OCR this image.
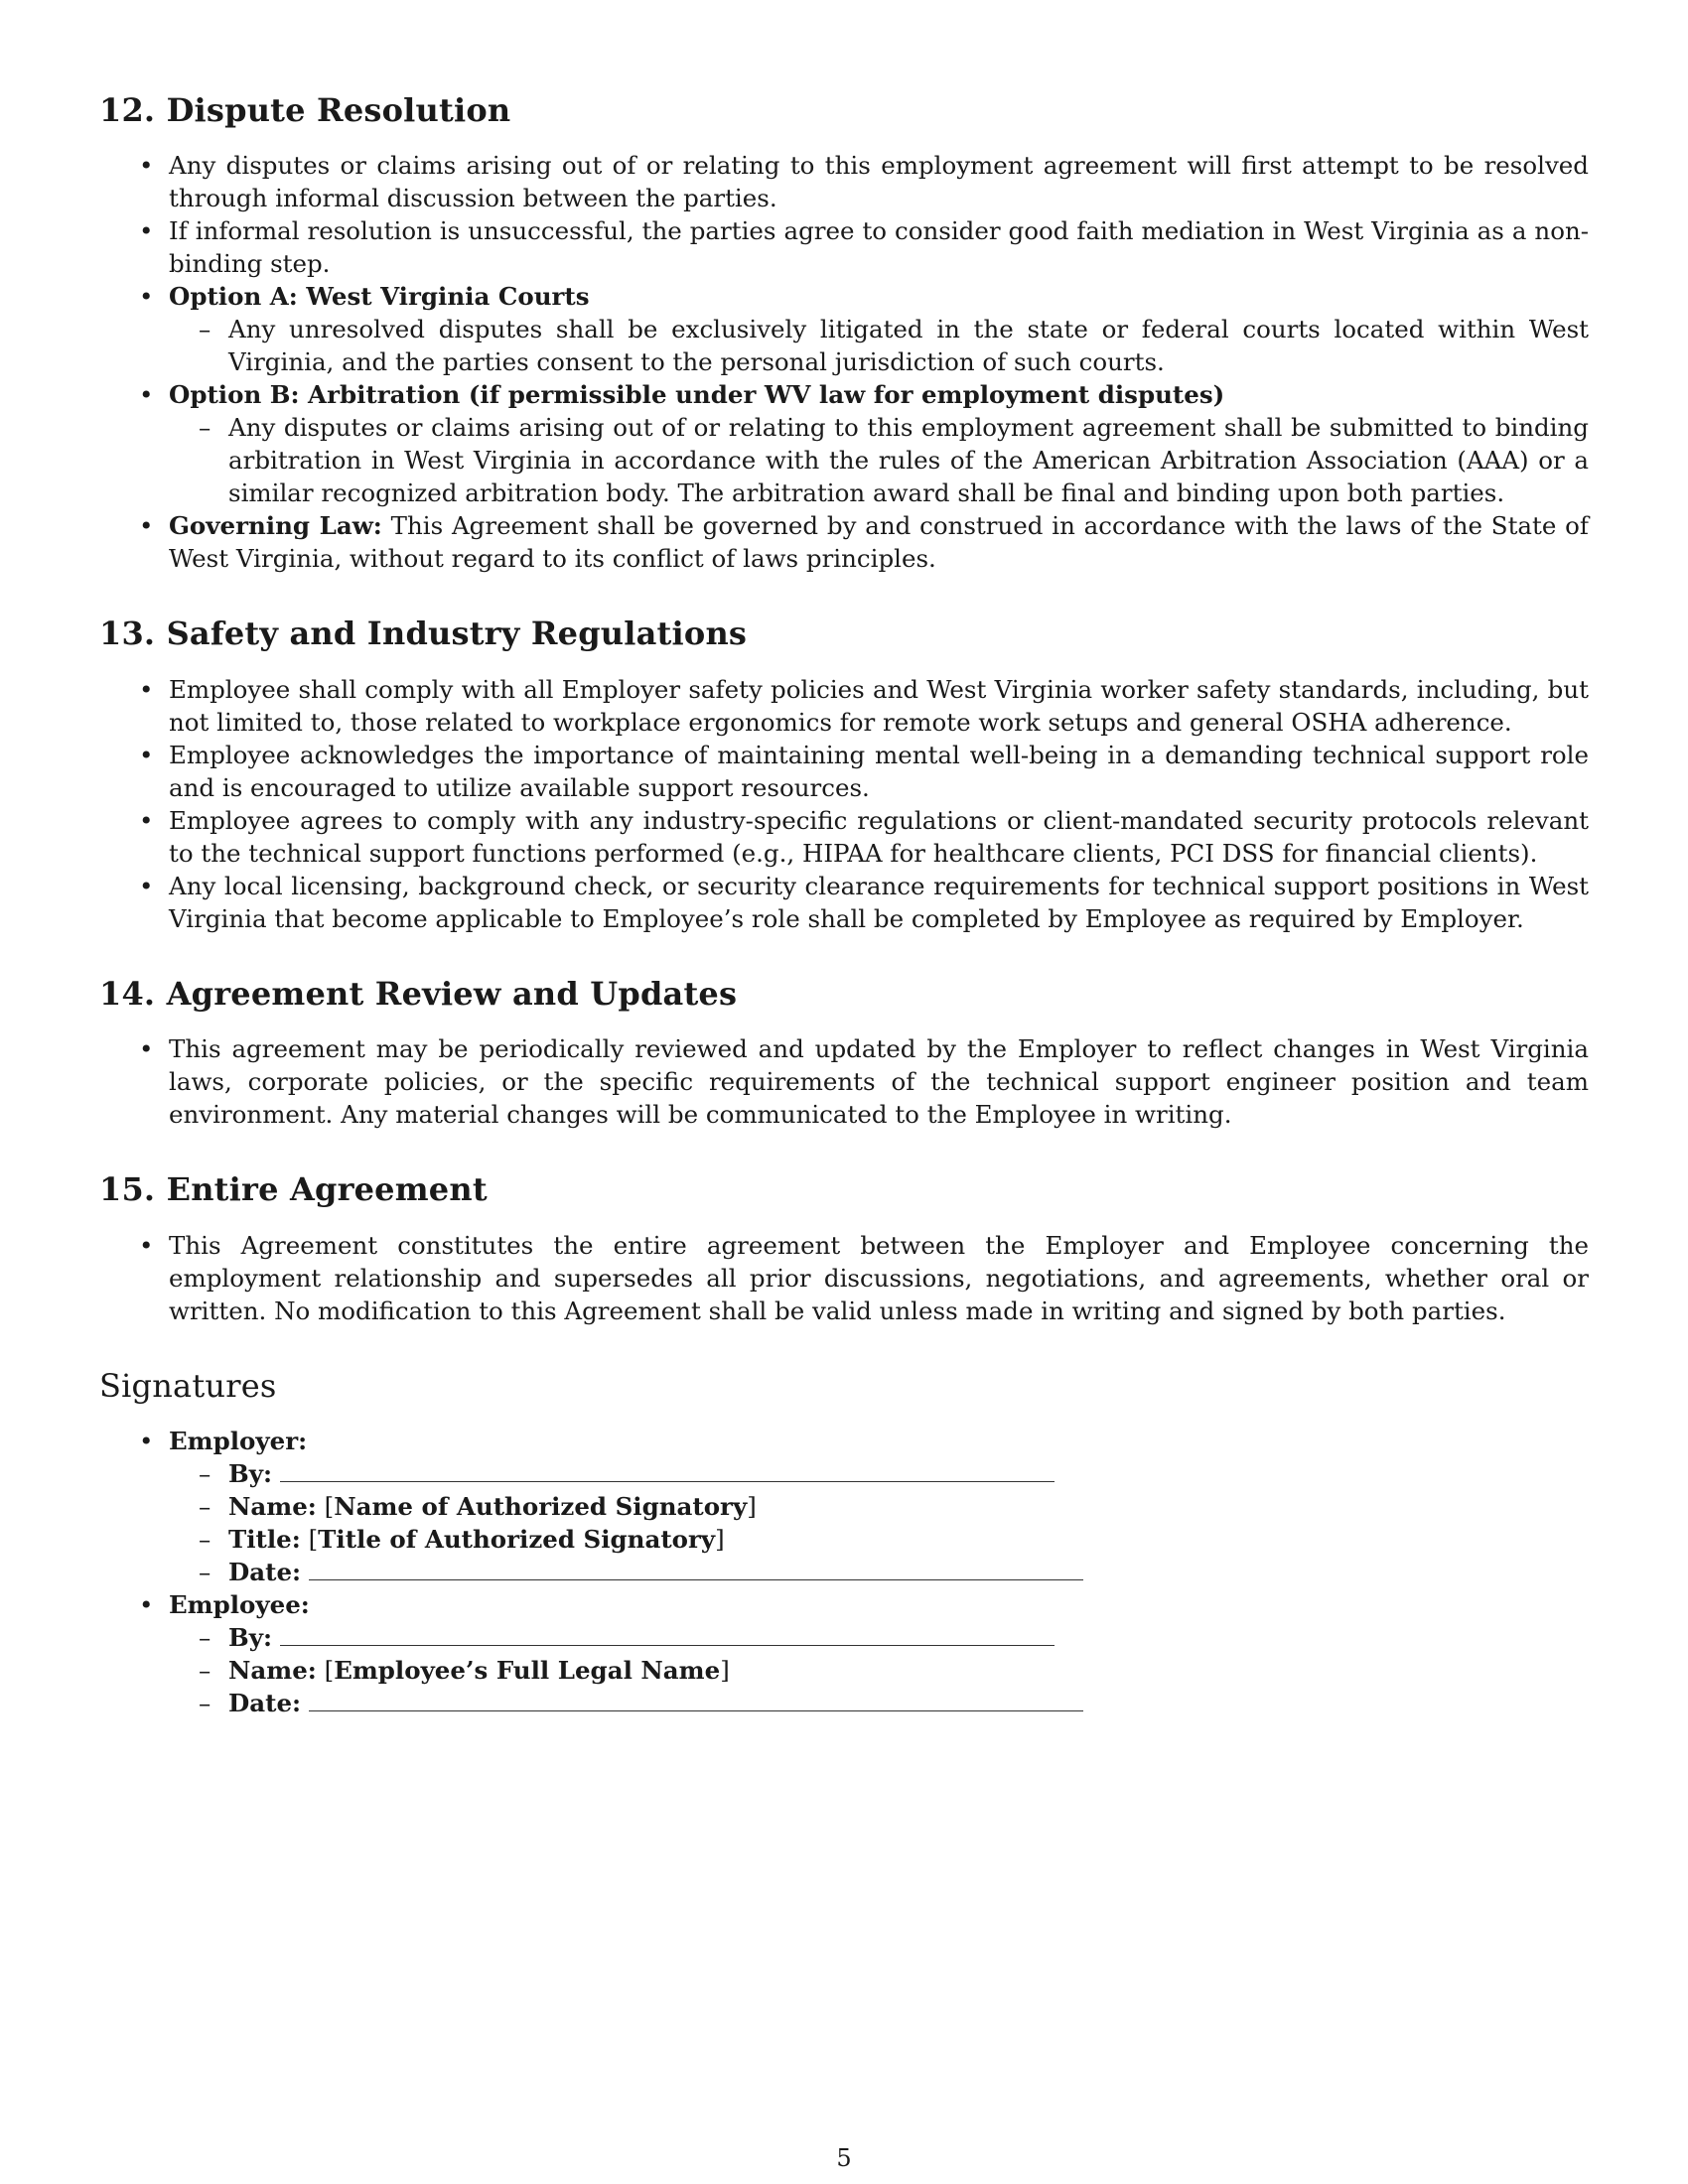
12. Dispute Resolution
• Any disputes or claims arising out of or relating to this employment agreement will first attempt to be resolved through informal discussion between the parties.
• If informal resolution is unsuccessful, the parties agree to consider good faith mediation in West Virginia as a non-binding step.
• Option A: West Virginia Courts
– Any unresolved disputes shall be exclusively litigated in the state or federal courts located within West Virginia, and the parties consent to the personal jurisdiction of such courts.
• Option B: Arbitration (if permissible under WV law for employment disputes)
– Any disputes or claims arising out of or relating to this employment agreement shall be submitted to binding arbitration in West Virginia in accordance with the rules of the American Arbitration Association (AAA) or a similar recognized arbitration body. The arbitration award shall be final and binding upon both parties.
• Governing Law: This Agreement shall be governed by and construed in accordance with the laws of the State of West Virginia, without regard to its conflict of laws principles.
13. Safety and Industry Regulations
• Employee shall comply with all Employer safety policies and West Virginia worker safety standards, including, but not limited to, those related to workplace ergonomics for remote work setups and general OSHA adherence.
• Employee acknowledges the importance of maintaining mental well-being in a demanding technical support role and is encouraged to utilize available support resources.
• Employee agrees to comply with any industry-specific regulations or client-mandated security protocols relevant to the technical support functions performed (e.g., HIPAA for healthcare clients, PCI DSS for financial clients).
• Any local licensing, background check, or security clearance requirements for technical support positions in West Virginia that become applicable to Employee’s role shall be completed by Employee as required by Employer.
14. Agreement Review and Updates
• This agreement may be periodically reviewed and updated by the Employer to reflect changes in West Virginia laws, corporate policies, or the specific requirements of the technical support engineer position and team environment. Any material changes will be communicated to the Employee in writing.
15. Entire Agreement
• This Agreement constitutes the entire agreement between the Employer and Employee concerning the employment relationship and supersedes all prior discussions, negotiations, and agreements, whether oral or written. No modification to this Agreement shall be valid unless made in writing and signed by both parties.
Signatures
• Employer:
– By:
– Name: [Name of Authorized Signatory]
– Title: [Title of Authorized Signatory]
– Date:
• Employee:
– By:
– Name: [Employee’s Full Legal Name]
– Date:
5
